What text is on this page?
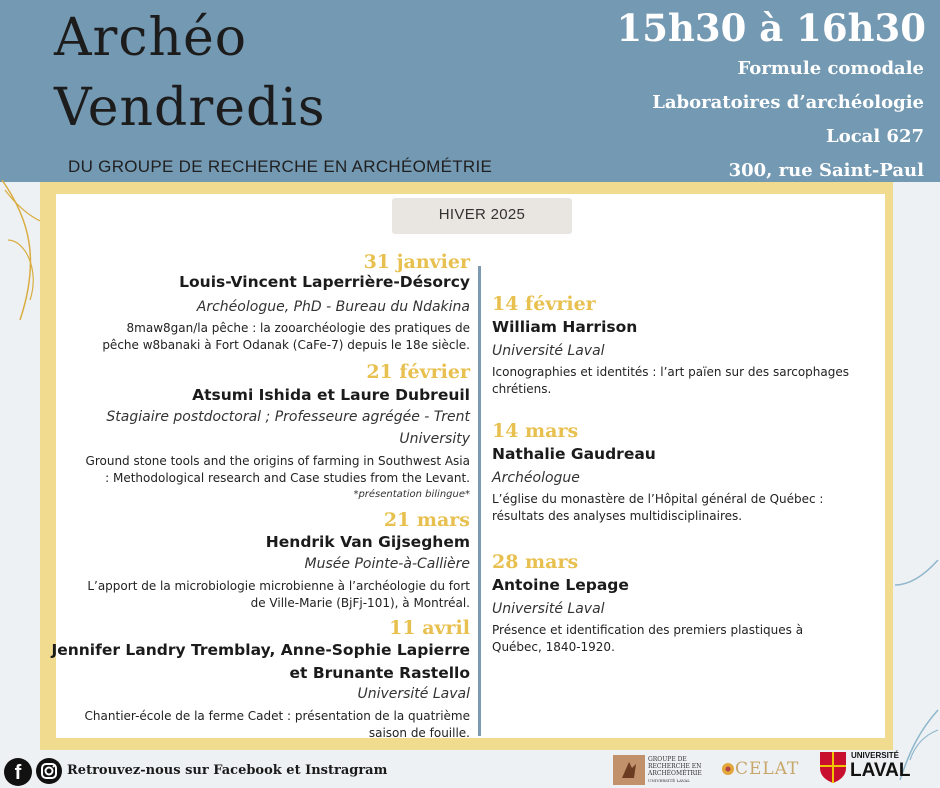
Archéo
Vendredis
DU GROUPE DE RECHERCHE EN ARCHÉOMÉTRIE
15h30 à 16h30
Formule comodale
Laboratoires d’archéologie
Local 627
300, rue Saint-Paul
HIVER 2025
31 janvier
Louis-Vincent Laperrière-Désorcy
Archéologue, PhD - Bureau du Ndakina
8maw8gan/la pêche : la zooarchéologie des pratiques de
pêche w8banaki à Fort Odanak (CaFe-7) depuis le 18e siècle.
21 février
Atsumi Ishida et Laure Dubreuil
Stagiaire postdoctoral ; Professeure agrégée - Trent
University
Ground stone tools and the origins of farming in Southwest Asia
: Methodological research and Case studies from the Levant.
*présentation bilingue*
21 mars
Hendrik Van Gijseghem
Musée Pointe-à-Callière
L’apport de la microbiologie microbienne à l’archéologie du fort
de Ville-Marie (BjFj-101), à Montréal.
11 avril
Jennifer Landry Tremblay, Anne-Sophie Lapierre
et Brunante Rastello
Université Laval
Chantier-école de la ferme Cadet : présentation de la quatrième
saison de fouille.
14 février
William Harrison
Université Laval
Iconographies et identités : l’art païen sur des sarcophages
chrétiens.
14 mars
Nathalie Gaudreau
Archéologue
L’église du monastère de l’Hôpital général de Québec :
résultats des analyses multidisciplinaires.
28 mars
Antoine Lepage
Université Laval
Présence et identification des premiers plastiques à
Québec, 1840-1920.
f	Retrouvez-nous sur Facebook et Instragram
GROUPE DE
RECHERCHE EN
ARCHÉOMÉTRIE
UNIVERSITÉ LAVAL
CELAT
UNIVERSITÉ
LAVAL
